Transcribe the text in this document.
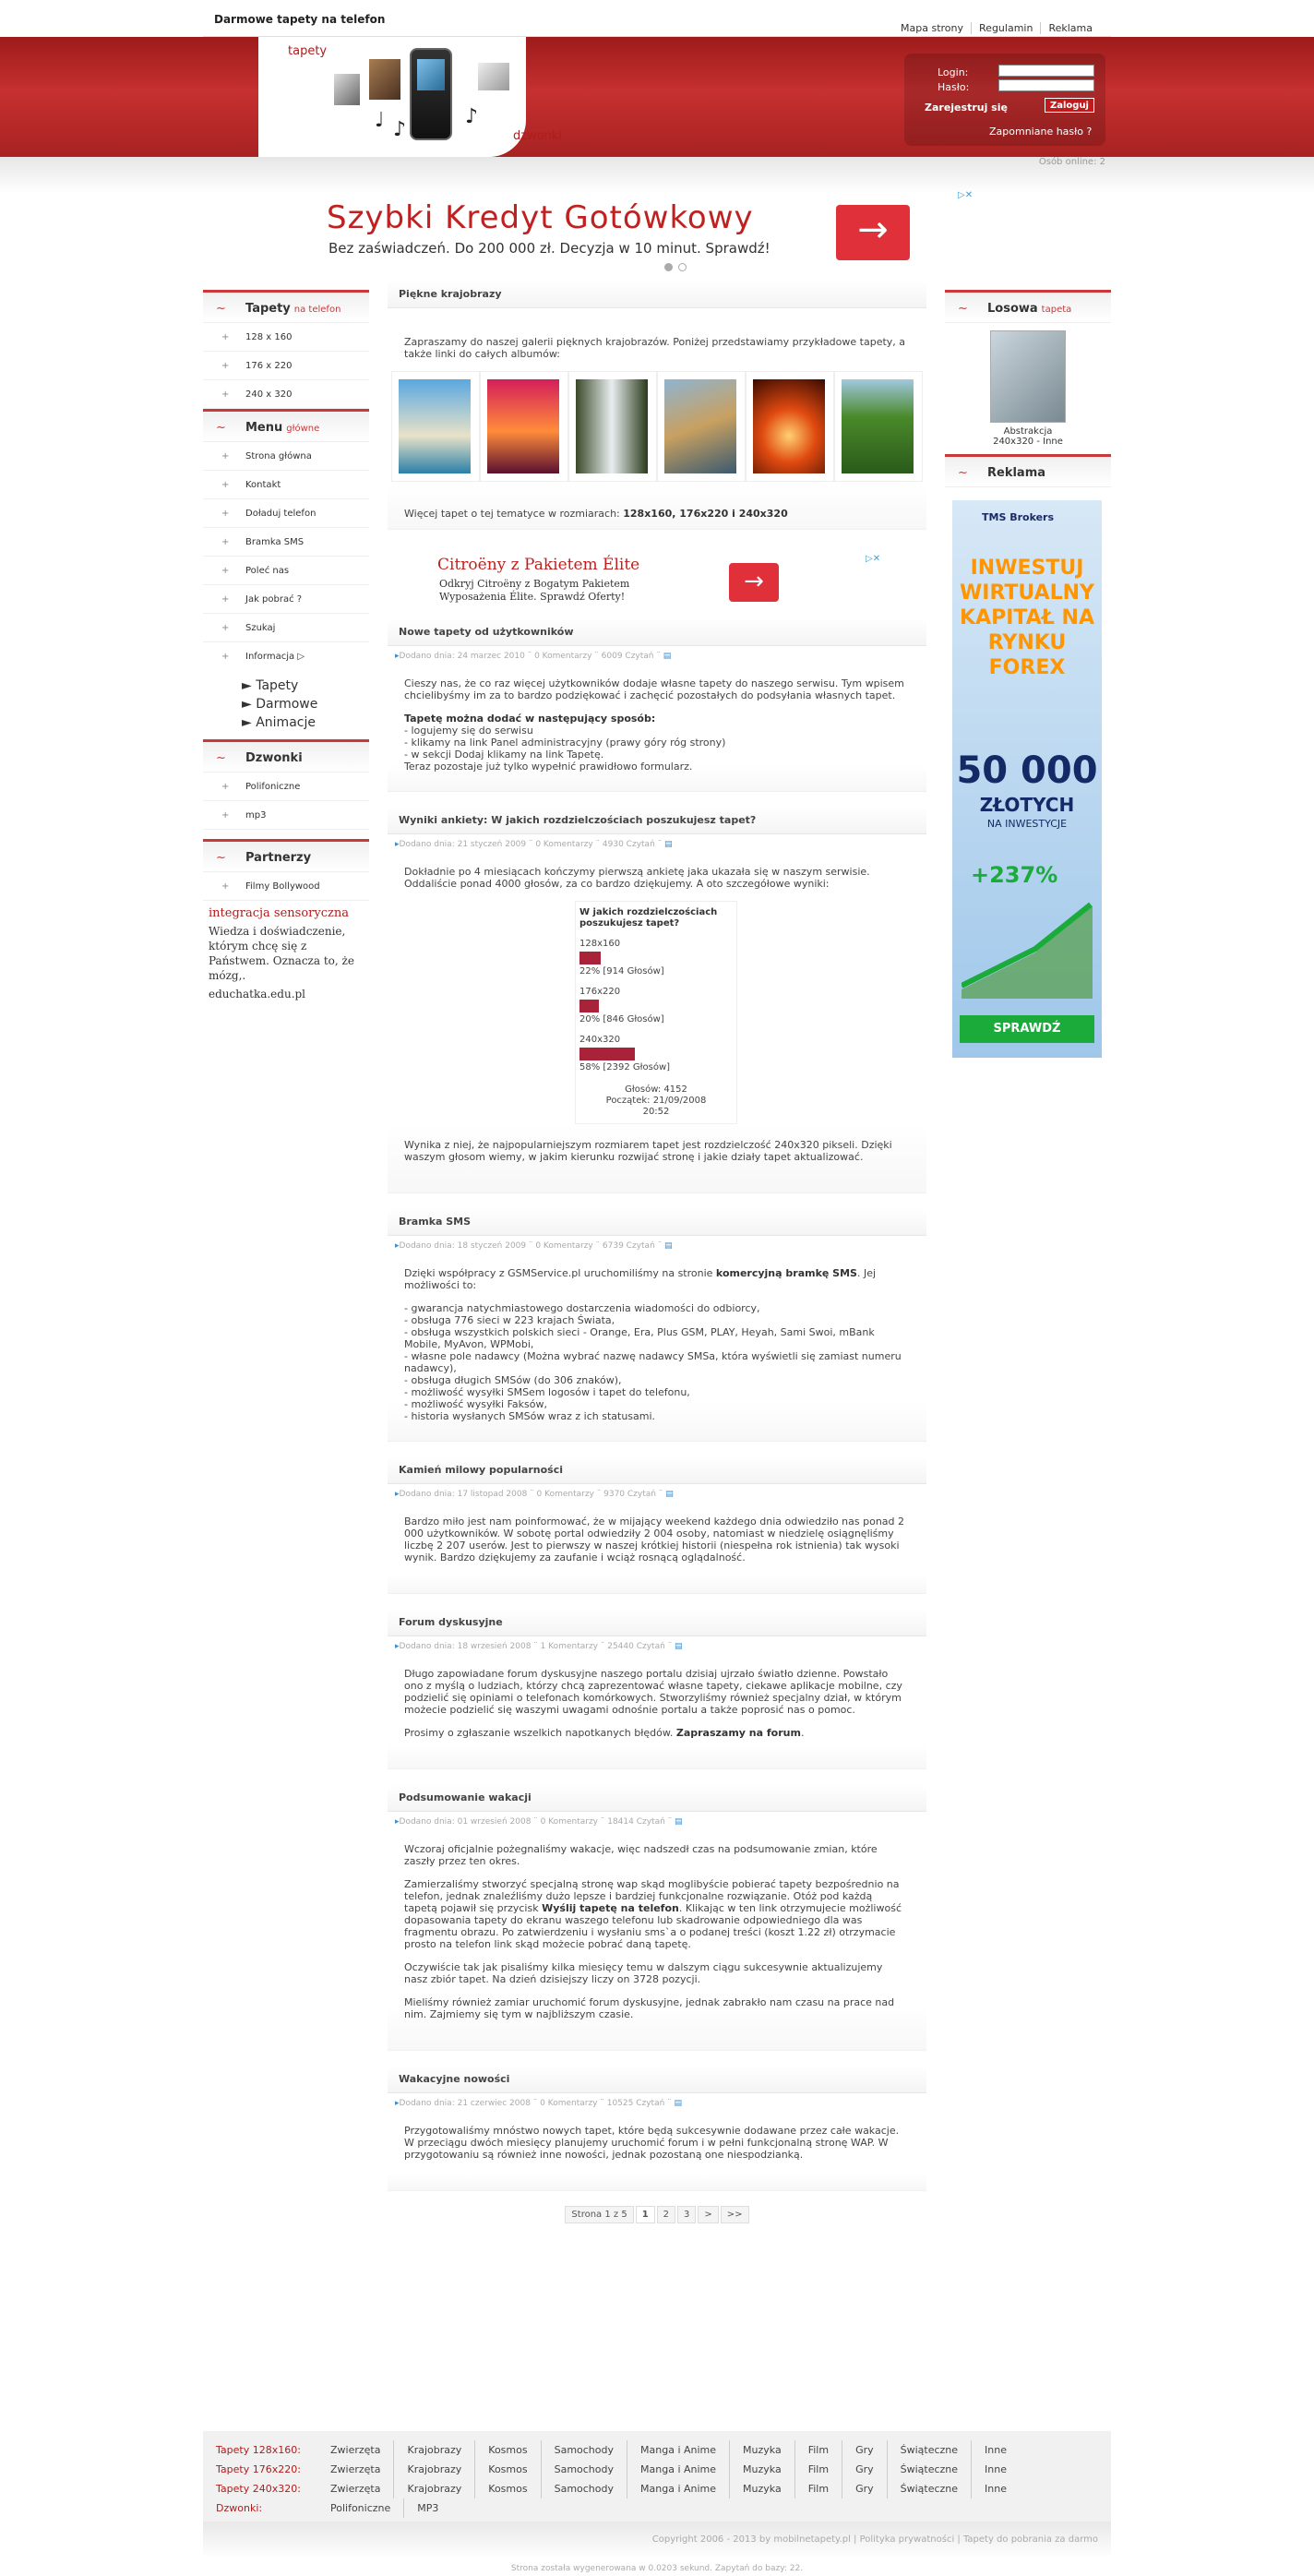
Darmowe tapety na telefon
Mapa strony Regulamin Reklama
tapety
♩ ♪
♪
dzwonki
Login:
Hasło:
Zarejestruj się	Zaloguj
Zapomniane hasło ?
Osób online: 2
Szybki Kredyt Gotówkowy
Bez zaświadczeń. Do 200 000 zł. Decyzja w 10 minut. Sprawdź!	→
▷✕
~ Tapety na telefon
+ 128 x 160
+ 176 x 220
+ 240 x 320
~ Menu główne
+ Strona główna
+ Kontakt
+ Doładuj telefon
+ Bramka SMS
+ Poleć nas
+ Jak pobrać ?
+ Szukaj
+ Informacja ▷
► Tapety
► Darmowe
► Animacje
~ Dzwonki
+ Polifoniczne
+ mp3
~ Partnerzy
+ Filmy Bollywood
integracja sensoryczna
Wiedza i doświadczenie, którym chcę się z Państwem. Oznacza to, że mózg,.
educhatka.edu.pl
Piękne krajobrazy

Zapraszamy do naszej galerii pięknych krajobrazów. Poniżej przedstawiamy przykładowe tapety, a także linki do całych albumów:

Więcej tapet o tej tematyce w rozmiarach: 128x160, 176x220 i 240x320

Citroëny z Pakietem Élite
Odkryj Citroëny z Bogatym Pakietem
Wyposażenia Élite. Sprawdź Oferty!
→
▷✕
Nowe tapety od użytkowników
▸Dodano dnia: 24 marzec 2010 ¨ 0 Komentarzy ¨ 6009 Czytań ¨ ▤

Cieszy nas, że co raz więcej użytkowników dodaje własne tapety do naszego serwisu. Tym wpisem chcielibyśmy im za to bardzo podziękować i zachęcić pozostałych do podsyłania własnych tapet.

Tapetę można dodać w następujący sposób:
- logujemy się do serwisu
- klikamy na link Panel administracyjny (prawy góry róg strony)
- w sekcji Dodaj klikamy na link Tapetę.
Teraz pozostaje już tylko wypełnić prawidłowo formularz.
Wyniki ankiety: W jakich rozdzielczościach poszukujesz tapet?
▸Dodano dnia: 21 styczeń 2009 ¨ 0 Komentarzy ¨ 4930 Czytań ¨ ▤

Dokładnie po 4 miesiącach kończymy pierwszą ankietę jaka ukazała się w naszym serwisie. Oddaliście ponad 4000 głosów, za co bardzo dziękujemy. A oto szczegółowe wyniki:

W jakich rozdzielczościach poszukujesz tapet?
128x160
22% [914 Głosów]
176x220
20% [846 Głosów]
240x320
58% [2392 Głosów]
Głosów: 4152
Początek: 21/09/2008
20:52

Wynika z niej, że najpopularniejszym rozmiarem tapet jest rozdzielczość 240x320 pikseli. Dzięki waszym głosom wiemy, w jakim kierunku rozwijać stronę i jakie działy tapet aktualizować.

Bramka SMS
▸Dodano dnia: 18 styczeń 2009 ¨ 0 Komentarzy ¨ 6739 Czytań ¨ ▤

Dzięki współpracy z GSMService.pl uruchomiliśmy na stronie komercyjną bramkę SMS. Jej możliwości to:

- gwarancja natychmiastowego dostarczenia wiadomości do odbiorcy,
- obsługa 776 sieci w 223 krajach Świata,
- obsługa wszystkich polskich sieci - Orange, Era, Plus GSM, PLAY, Heyah, Sami Swoi, mBank Mobile, MyAvon, WPMobi,
- własne pole nadawcy (Można wybrać nazwę nadawcy SMSa, która wyświetli się zamiast numeru nadawcy),
- obsługa długich SMSów (do 306 znaków),
- możliwość wysyłki SMSem logosów i tapet do telefonu,
- możliwość wysyłki Faksów,
- historia wysłanych SMSów wraz z ich statusami.
Kamień milowy popularności
▸Dodano dnia: 17 listopad 2008 ¨ 0 Komentarzy ¨ 9370 Czytań ¨ ▤

Bardzo miło jest nam poinformować, że w mijający weekend każdego dnia odwiedziło nas ponad 2 000 użytkowników. W sobotę portal odwiedziły 2 004 osoby, natomiast w niedzielę osiągnęliśmy liczbę 2 207 userów. Jest to pierwszy w naszej krótkiej historii (niespełna rok istnienia) tak wysoki wynik. Bardzo dziękujemy za zaufanie i wciąż rosnącą oglądalność.

Forum dyskusyjne
▸Dodano dnia: 18 wrzesień 2008 ¨ 1 Komentarzy ¨ 25440 Czytań ¨ ▤

Długo zapowiadane forum dyskusyjne naszego portalu dzisiaj ujrzało światło dzienne. Powstało ono z myślą o ludziach, którzy chcą zaprezentować własne tapety, ciekawe aplikacje mobilne, czy podzielić się opiniami o telefonach komórkowych. Stworzyliśmy również specjalny dział, w którym możecie podzielić się waszymi uwagami odnośnie portalu a także poprosić nas o pomoc.

Prosimy o zgłaszanie wszelkich napotkanych błędów. Zapraszamy na forum.

Podsumowanie wakacji
▸Dodano dnia: 01 wrzesień 2008 ¨ 0 Komentarzy ¨ 18414 Czytań ¨ ▤

Wczoraj oficjalnie pożegnaliśmy wakacje, więc nadszedł czas na podsumowanie zmian, które zaszły przez ten okres.

Zamierzaliśmy stworzyć specjalną stronę wap skąd moglibyście pobierać tapety bezpośrednio na telefon, jednak znaleźliśmy dużo lepsze i bardziej funkcjonalne rozwiązanie. Otóż pod każdą tapetą pojawił się przycisk Wyślij tapetę na telefon. Klikając w ten link otrzymujecie możliwość dopasowania tapety do ekranu waszego telefonu lub skadrowanie odpowiedniego dla was fragmentu obrazu. Po zatwierdzeniu i wysłaniu sms`a o podanej treści (koszt 1.22 zł) otrzymacie prosto na telefon link skąd możecie pobrać daną tapetę.

Oczywiście tak jak pisaliśmy kilka miesięcy temu w dalszym ciągu sukcesywnie aktualizujemy nasz zbiór tapet. Na dzień dzisiejszy liczy on 3728 pozycji.

Mieliśmy również zamiar uruchomić forum dyskusyjne, jednak zabrakło nam czasu na prace nad nim. Zajmiemy się tym w najbliższym czasie.

Wakacyjne nowości
▸Dodano dnia: 21 czerwiec 2008 ¨ 0 Komentarzy ¨ 10525 Czytań ¨ ▤

Przygotowaliśmy mnóstwo nowych tapet, które będą sukcesywnie dodawane przez całe wakacje. W przeciągu dwóch miesięcy planujemy uruchomić forum i w pełni funkcjonalną stronę WAP. W przygotowaniu są również inne nowości, jednak pozostaną one niespodzianką.

Strona 1 z 5 1 2 3 > >>
~ Losowa tapeta
Abstrakcja
240x320 - Inne
~ Reklama
TMS Brokers
INWESTUJ WIRTUALNY KAPITAŁ NA RYNKU FOREX
50 000
ZŁOTYCH
NA INWESTYCJE
+237%
SPRAWDŹ
Tapety 128x160:	Zwierzęta	Krajobrazy	Kosmos	Samochody	Manga i Anime	Muzyka	Film	Gry	Świąteczne	Inne
Tapety 176x220:	Zwierzęta	Krajobrazy	Kosmos	Samochody	Manga i Anime	Muzyka	Film	Gry	Świąteczne	Inne
Tapety 240x320:	Zwierzęta	Krajobrazy	Kosmos	Samochody	Manga i Anime	Muzyka	Film	Gry	Świąteczne	Inne
Dzwonki:	Polifoniczne	MP3
Copyright 2006 - 2013 by mobilnetapety.pl | Polityka prywatności | Tapety do pobrania za darmo
Strona została wygenerowana w 0.0203 sekund. Zapytań do bazy: 22.
